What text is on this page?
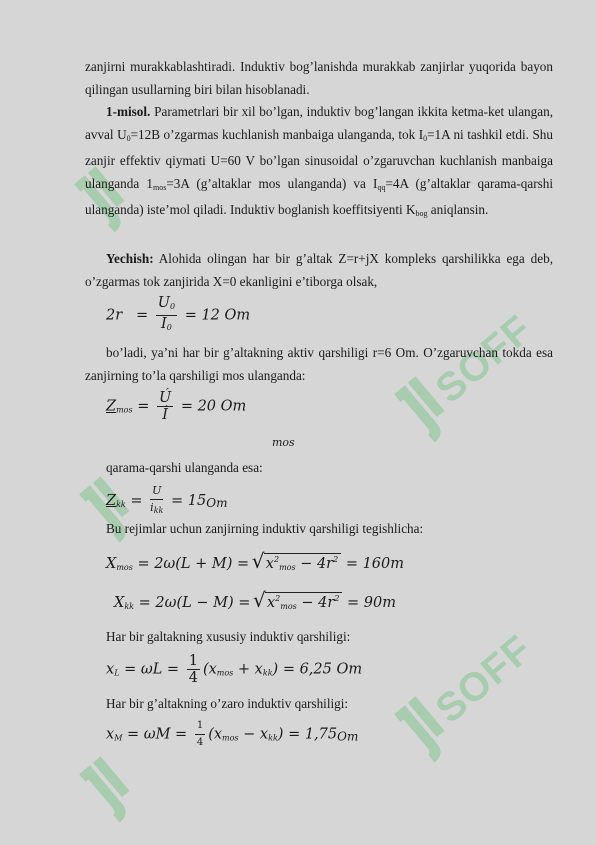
SOFF
SOFF
zanjirni murakkablashtiradi. Induktiv bog’lanishda murakkab zanjirlar yuqorida bayon qilingan usullarning biri bilan hisoblanadi.
1-misol. Parametrlari bir xil bo’lgan, induktiv bog’langan ikkita ketma-ket ulangan, avval $U_0=12B$ o’zgarmas kuchlanish manbaiga ulanganda, tok $I_0=1A$ ni tashkil etdi. Shu zanjir effektiv qiymati U=60 V bo’lgan sinusoidal o’zgaruvchan kuchlanish manbaiga ulanganda $1_{mos}=3A$ (g’altaklar mos ulanganda) va $I_{qq}=4A$ (g’altaklar qarama-qarshi ulanganda) iste’mol qiladi. Induktiv boglanish koeffitsiyenti $K_{bog}$ aniqlansin.
Yechish: Alohida olingan har bir g’altak Z=r+jX kompleks qarshilikka ega deb, o’zgarmas tok zanjirida X=0 ekanligini e’tiborga olsak,
$2r = \frac{U_0}{I_0} = 12$ Om
bo’ladi, ya’ni har bir g’altakning aktiv qarshiligi r=6 Om. O’zgaruvchan tokda esa zanjirning to’la qarshiligi mos ulanganda:
$Z_{mos} = \frac{Ú}{İ} = 20$ Om
mos
qarama-qarshi ulanganda esa:
$Z_{kk} = \frac{U}{i_{kk}} = 15_{Om}$
Bu rejimlar uchun zanjirning induktiv qarshiligi tegishlicha:
$X_{mos} = 2\omega(L + M)$ = √ $x^2_{mos} - 4r^2 = 160m$
$X_{kk} = 2\omega(L - M)$ = √ $x^2_{mos} - 4r^2 = 90m$
Har bir galtakning xususiy induktiv qarshiligi:
$x_L = \omega L = \frac{1}{4} (x_{mos} + x_{kk}) = 6,25$ Om
Har bir g’altakning o’zaro induktiv qarshiligi:
$x_M = \omega M = \frac{1}{4} (x_{mos} - x_{kk}) = 1,75_{Om}$
